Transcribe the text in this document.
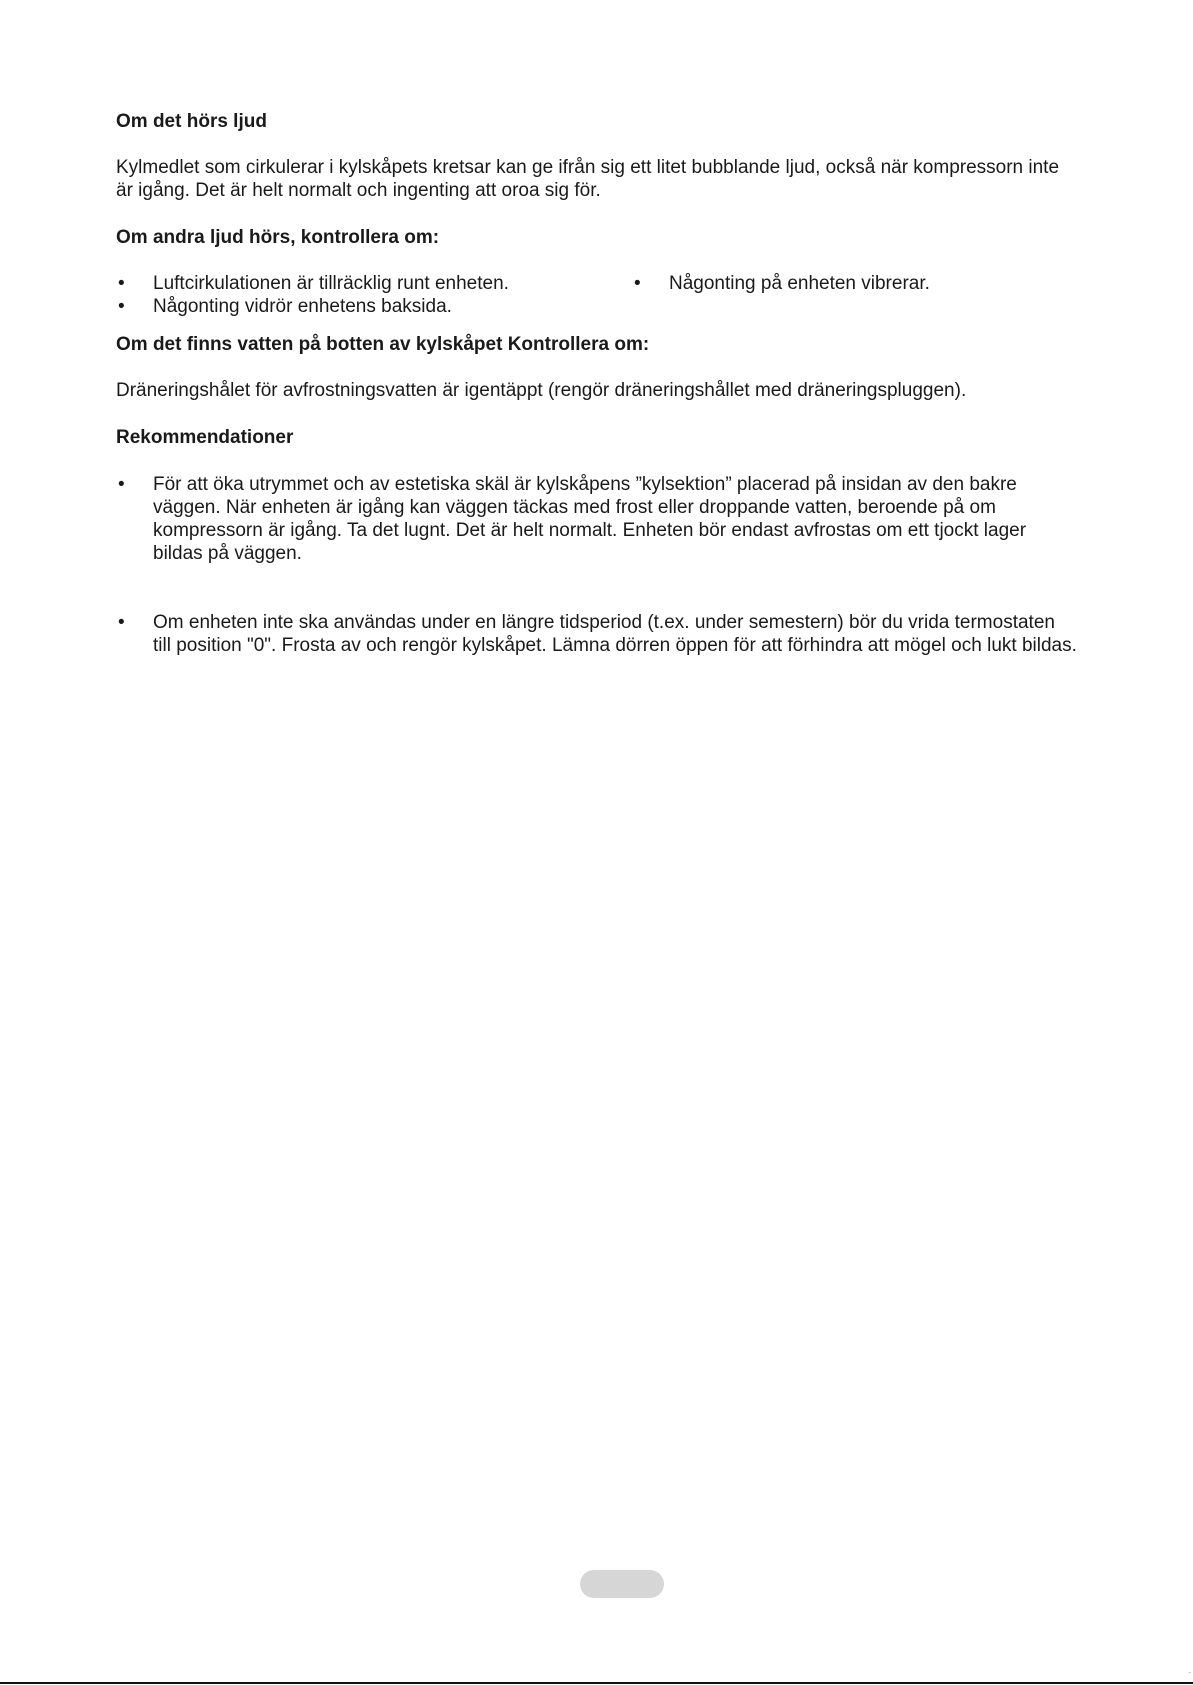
Om det hörs ljud

Kylmedlet som cirkulerar i kylskåpets kretsar kan ge ifrån sig ett litet bubblande ljud, också när kompressorn inte är igång. Det är helt normalt och ingenting att oroa sig för.

Om andra ljud hörs, kontrollera om:

• Luftcirkulationen är tillräcklig runt enheten.
• Någonting vidrör enhetens baksida.
• Någonting på enheten vibrerar.

Om det finns vatten på botten av kylskåpet Kontrollera om:

Dräneringshålet för avfrostningsvatten är igentäppt (rengör dräneringshållet med dräneringspluggen).

Rekommendationer

• För att öka utrymmet och av estetiska skäl är kylskåpens ”kylsektion” placerad på insidan av den bakre väggen. När enheten är igång kan väggen täckas med frost eller droppande vatten, beroende på om kompressorn är igång. Ta det lugnt. Det är helt normalt. Enheten bör endast avfrostas om ett tjockt lager bildas på väggen.
• Om enheten inte ska användas under en längre tidsperiod (t.ex. under semestern) bör du vrida termostaten till position "0". Frosta av och rengör kylskåpet. Lämna dörren öppen för att förhindra att mögel och lukt bildas.
¨
